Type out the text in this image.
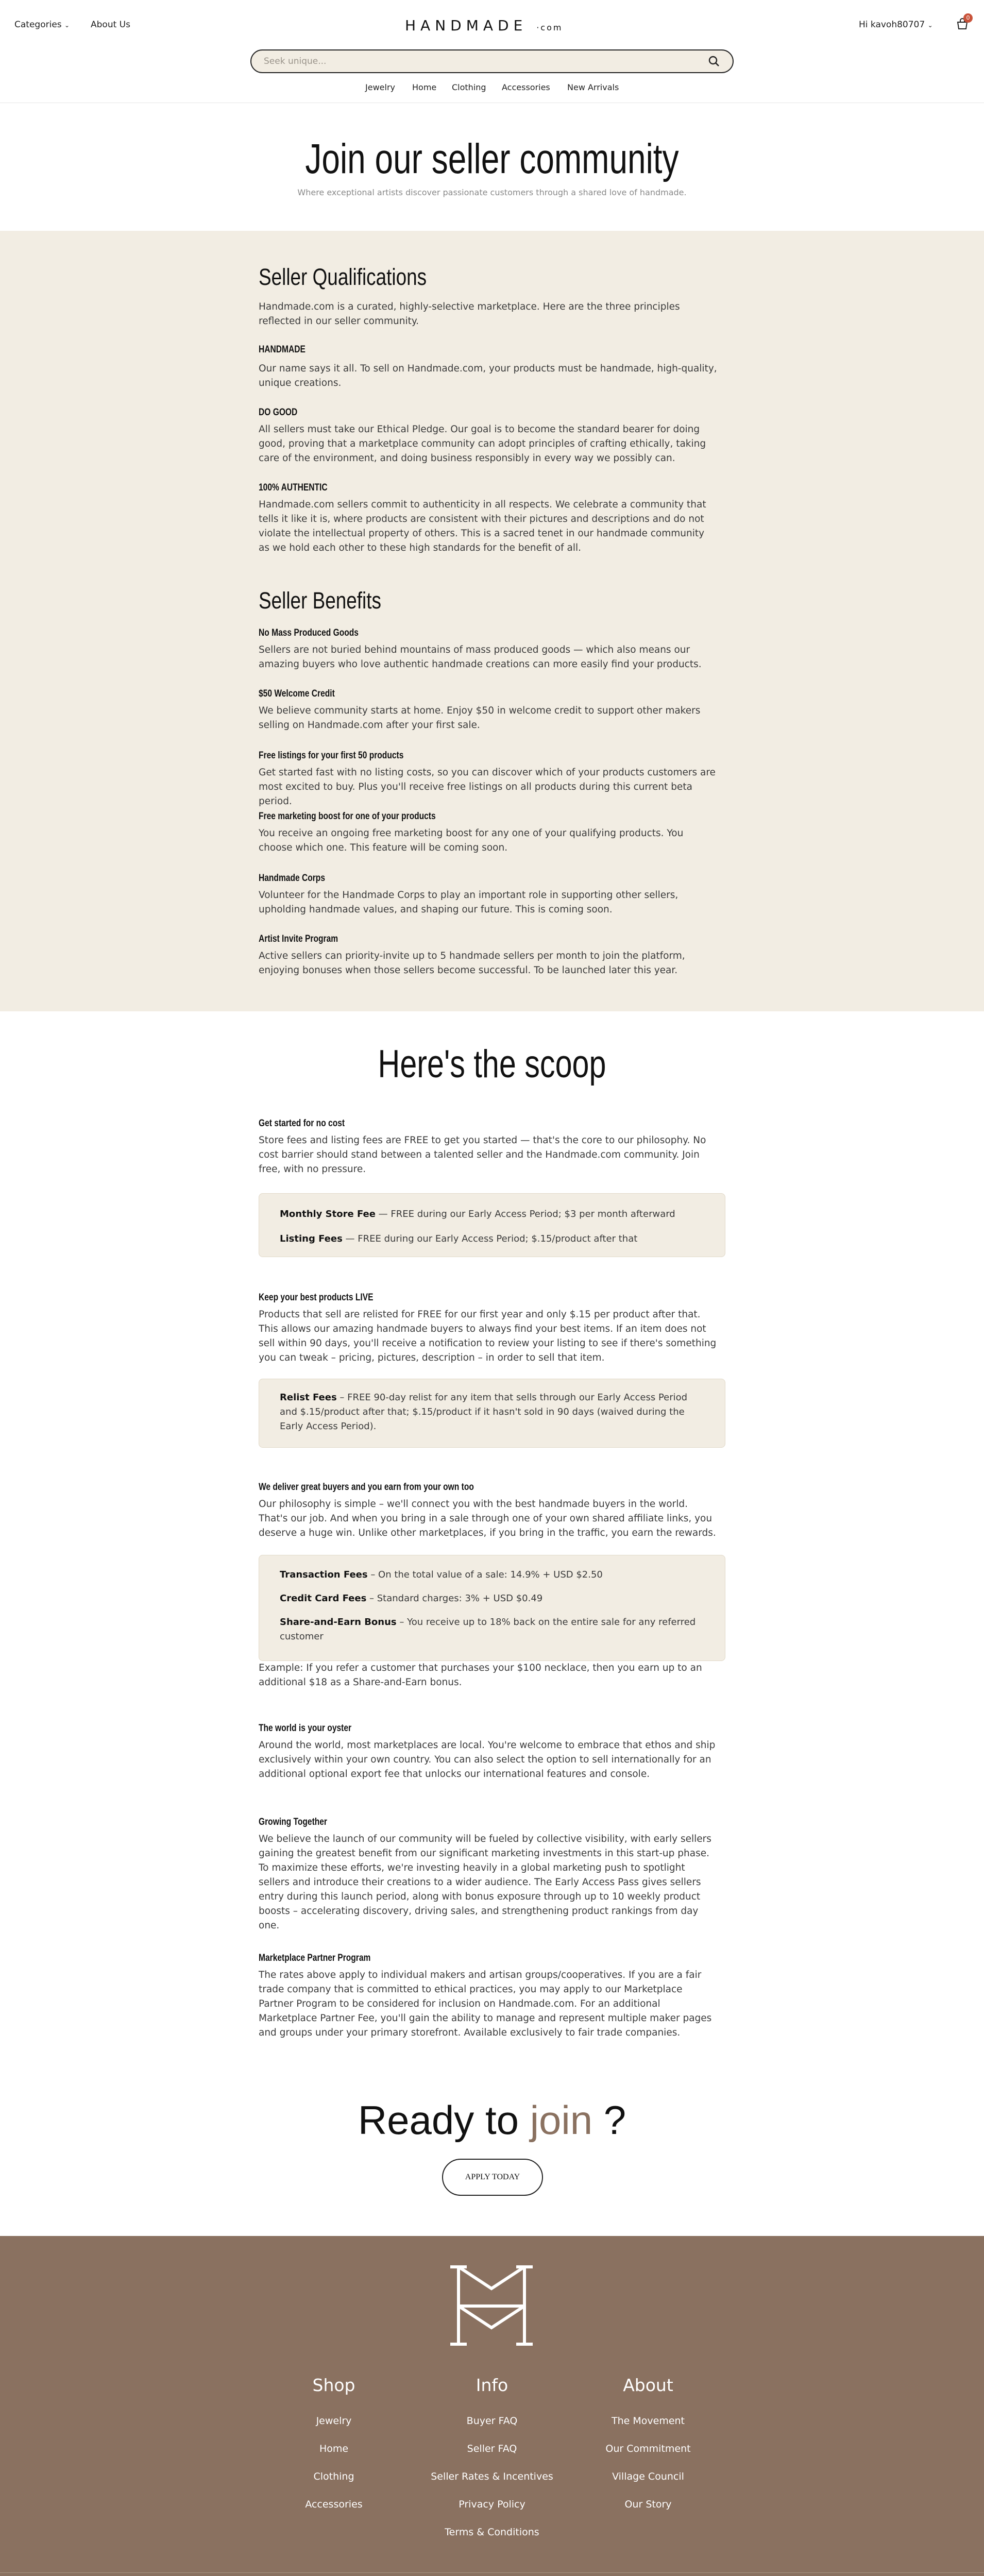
Categories ⌄ About Us	HANDMADE ·com	Hi kavoh80707 ⌄
0
Seek unique...
Jewelry Home Clothing Accessories New Arrivals
Join our seller community
Where exceptional artists discover passionate customers through a shared love of handmade.
Seller Qualifications
Handmade.com is a curated, highly-selective marketplace. Here are the three principles reflected in our seller community.
HANDMADE
Our name says it all. To sell on Handmade.com, your products must be handmade, high-quality, unique creations.
DO GOOD
All sellers must take our Ethical Pledge. Our goal is to become the standard bearer for doing good, proving that a marketplace community can adopt principles of crafting ethically, taking care of the environment, and doing business responsibly in every way we possibly can.
100% AUTHENTIC
Handmade.com sellers commit to authenticity in all respects. We celebrate a community that tells it like it is, where products are consistent with their pictures and descriptions and do not violate the intellectual property of others. This is a sacred tenet in our handmade community as we hold each other to these high standards for the benefit of all.
Seller Benefits
No Mass Produced Goods
Sellers are not buried behind mountains of mass produced goods — which also means our amazing buyers who love authentic handmade creations can more easily find your products.
$50 Welcome Credit
We believe community starts at home. Enjoy $50 in welcome credit to support other makers selling on Handmade.com after your first sale.
Free listings for your first 50 products
Get started fast with no listing costs, so you can discover which of your products customers are most excited to buy. Plus you'll receive free listings on all products during this current beta period.
Free marketing boost for one of your products
You receive an ongoing free marketing boost for any one of your qualifying products. You choose which one. This feature will be coming soon.
Handmade Corps
Volunteer for the Handmade Corps to play an important role in supporting other sellers, upholding handmade values, and shaping our future. This is coming soon.
Artist Invite Program
Active sellers can priority-invite up to 5 handmade sellers per month to join the platform, enjoying bonuses when those sellers become successful. To be launched later this year.
Here's the scoop
Get started for no cost
Store fees and listing fees are FREE to get you started — that's the core to our philosophy. No cost barrier should stand between a talented seller and the Handmade.com community. Join free, with no pressure.

Monthly Store Fee — FREE during our Early Access Period; $3 per month afterward

Listing Fees — FREE during our Early Access Period; $.15/product after that

Keep your best products LIVE
Products that sell are relisted for FREE for our first year and only $.15 per product after that. This allows our amazing handmade buyers to always find your best items. If an item does not sell within 90 days, you'll receive a notification to review your listing to see if there's something you can tweak – pricing, pictures, description – in order to sell that item.

Relist Fees – FREE 90-day relist for any item that sells through our Early Access Period and $.15/product after that; $.15/product if it hasn't sold in 90 days (waived during the Early Access Period).

We deliver great buyers and you earn from your own too
Our philosophy is simple – we'll connect you with the best handmade buyers in the world. That's our job. And when you bring in a sale through one of your own shared affiliate links, you deserve a huge win. Unlike other marketplaces, if you bring in the traffic, you earn the rewards.

Transaction Fees – On the total value of a sale: 14.9% + USD $2.50

Credit Card Fees – Standard charges: 3% + USD $0.49

Share-and-Earn Bonus – You receive up to 18% back on the entire sale for any referred customer

Example: If you refer a customer that purchases your $100 necklace, then you earn up to an additional $18 as a Share-and-Earn bonus.
The world is your oyster
Around the world, most marketplaces are local. You're welcome to embrace that ethos and ship exclusively within your own country. You can also select the option to sell internationally for an additional optional export fee that unlocks our international features and console.
Growing Together
We believe the launch of our community will be fueled by collective visibility, with early sellers gaining the greatest benefit from our significant marketing investments in this start-up phase. To maximize these efforts, we're investing heavily in a global marketing push to spotlight sellers and introduce their creations to a wider audience. The Early Access Pass gives sellers entry during this launch period, along with bonus exposure through up to 10 weekly product boosts – accelerating discovery, driving sales, and strengthening product rankings from day one.
Marketplace Partner Program
The rates above apply to individual makers and artisan groups/cooperatives. If you are a fair trade company that is committed to ethical practices, you may apply to our Marketplace Partner Program to be considered for inclusion on Handmade.com. For an additional Marketplace Partner Fee, you'll gain the ability to manage and represent multiple maker pages and groups under your primary storefront. Available exclusively to fair trade companies.
Ready to join ?
APPLY TODAY
Shop
Jewelry
Home
Clothing
Accessories
Info
Buyer FAQ
Seller FAQ
Seller Rates & Incentives
Privacy Policy
Terms & Conditions
About
The Movement
Our Commitment
Village Council
Our Story
